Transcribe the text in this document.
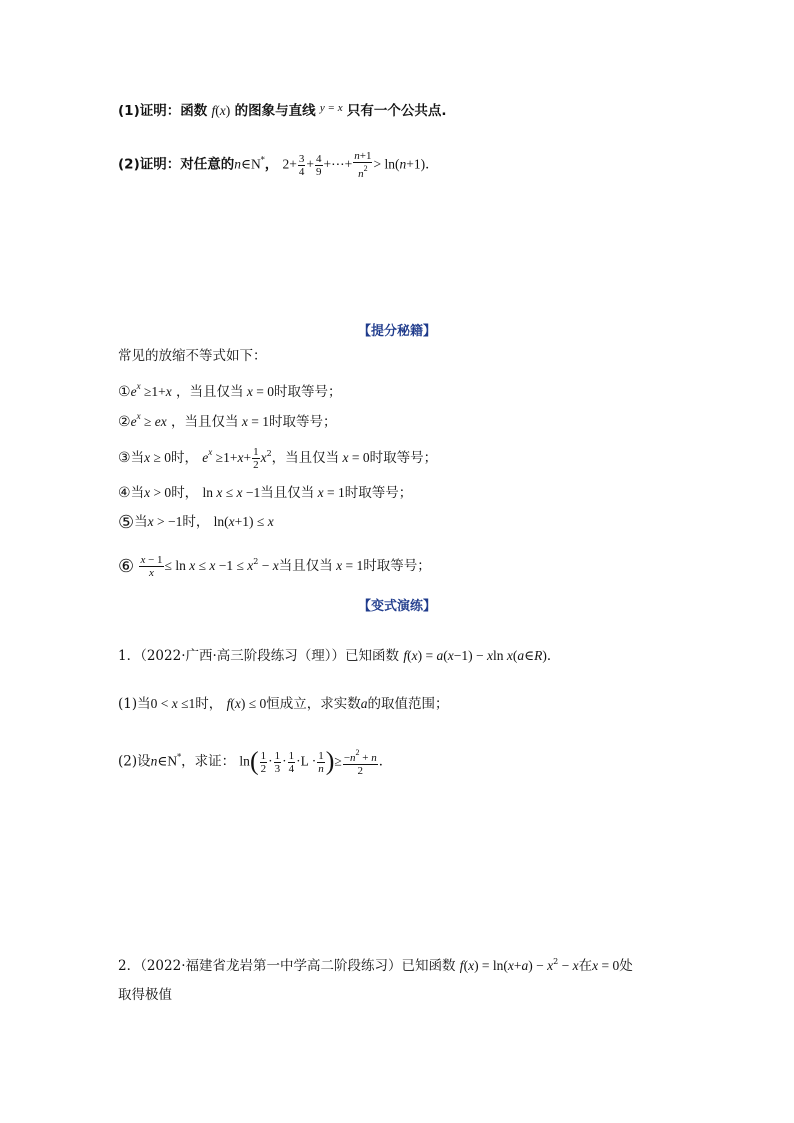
(1)证明：函数 f(x) 的图象与直线 $^{y = x}$ 只有一个公共点.
(2)证明：对任意的n∈N*， $2+ \frac{3}{4} + \frac{4}{9}$ +⋯+ $\frac{n+1}{n^2} > \ln(n+1)$．
【提分秘籍】
常见的放缩不等式如下：
$①e^x \ge 1+x$ ，当且仅当 x = 0时取等号；
$②e^x$ ≥ ex ，当且仅当 x = 1时取等号；
③当x ≥ 0时， $e^x \ge 1+x+ \frac{1}{2} x^2$，当且仅当 x = 0时取等号；
④当x > 0时， ln x ≤ x −1当且仅当 x = 1时取等号；
⑤当x > −1时， ln(x+1) ≤ x
⑥ $\frac{x - 1}{x} \le \ln x \le x -1 \le x^2 - x$当且仅当 x = 1时取等号；
【变式演练】
1．（2022·广西·高三阶段练习（理））已知函数 f(x) = a(x−1) − xln x(a∈R)．
(1)当0 < x ≤1时， f(x) ≤ 0恒成立，求实数a的取值范围；
(2)设n∈N*，求证： $\ln( \frac{1}{2} \cdot \frac{1}{3} \cdot \frac{1}{4} \cdot L \cdot \frac{1}{n}$ )≥ $\frac{-n^2 + n}{2}$ ．
2．（2022·福建省龙岩第一中学高二阶段练习）已知函数 $f(x) = \ln(x+a) - x^2 - x$在x = 0处
取得极值
